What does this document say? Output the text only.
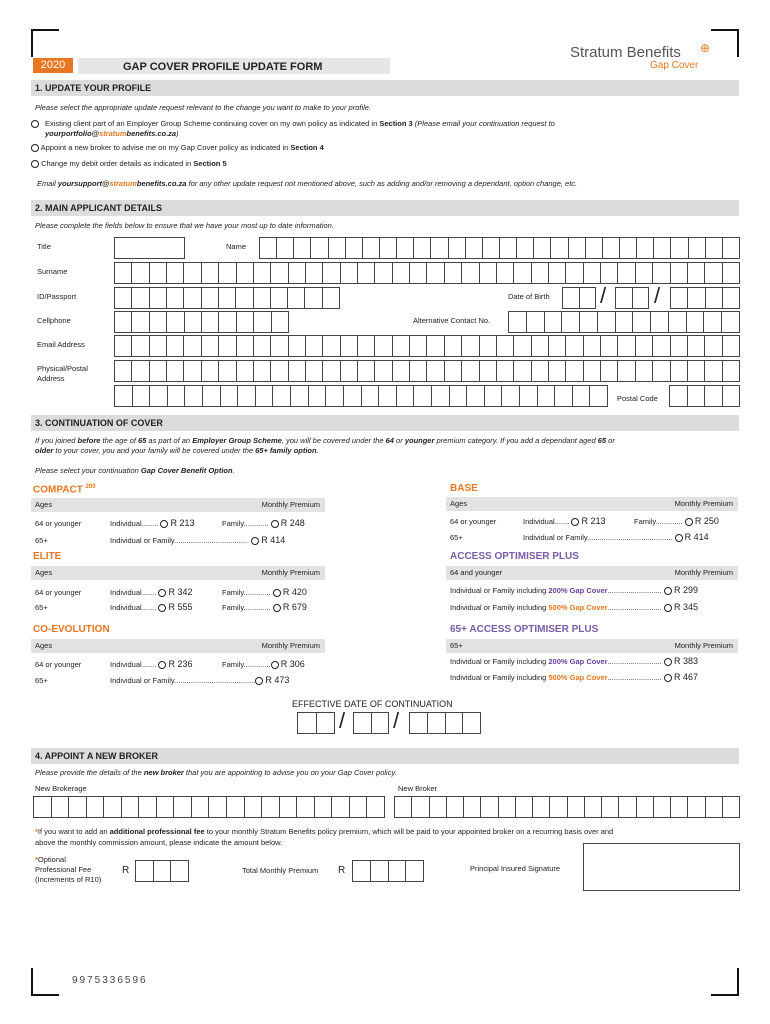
2020	GAP COVER PROFILE UPDATE FORM
Stratum Benefits	⊕
Gap Cover
1. UPDATE YOUR PROFILE
Please select the appropriate update request relevant to the change you want to make to your profile.
Existing client part of an Employer Group Scheme continuing cover on my own policy as indicated in Section 3 (Please email your continuation request to
yourportfolio@stratumbenefits.co.za)
Appoint a new broker to advise me on my Gap Cover policy as indicated in Section 4
Change my debit order details as indicated in Section 5
Email yoursupport@stratumbenefits.co.za for any other update request not mentioned above, such as adding and/or removing a dependant, option change, etc.
2. MAIN APPLICANT DETAILS
Please complete the fields below to ensure that we have your most up to date information.
Title	Name
Surname
ID/Passport	Date of Birth / /
Cellphone	Alternative Contact No.
Email Address
Physical/Postal
Address
Postal Code
3. CONTINUATION OF COVER
If you joined before the age of 65 as part of an Employer Group Scheme, you will be covered under the 64 or younger premium category. If you add a dependant aged 65 or
older to your cover, you and your family will be covered under the 65+ family option.
Please select your continuation Gap Cover Benefit Option.
COMPACT $^{200}$
Ages	Monthly Premium
64 or younger	Individual........ R 213	Family............ R 248
65+	Individual or Family.................................... R 414
ELITE
Ages	Monthly Premium
64 or younger	Individual....... R 342	Family............. R 420
65+	Individual....... R 555	Family............. R 679
CO-EVOLUTION
Ages	Monthly Premium
64 or younger	Individual....... R 236	Family............. R 306
65+	Individual or Family....................................... R 473
BASE
Ages	Monthly Premium
64 or younger	Individual....... R 213	Family............. R 250
65+	Individual or Family......................................... R 414
ACCESS OPTIMISER PLUS
64 and younger	Monthly Premium
Individual or Family including 200% Gap Cover.......................... R 299
Individual or Family including 500% Gap Cover.......................... R 345
65+ ACCESS OPTIMISER PLUS
65+	Monthly Premium
Individual or Family including 200% Gap Cover.......................... R 383
Individual or Family including 500% Gap Cover.......................... R 467
EFFECTIVE DATE OF CONTINUATION
/ /
4. APPOINT A NEW BROKER
Please provide the details of the new broker that you are appointing to advise you on your Gap Cover policy.
New Brokerage	New Broker
*If you want to add an additional professional fee to your monthly Stratum Benefits policy premium, which will be paid to your appointed broker on a recurring basis over and
above the monthly commission amount, please indicate the amount below.
*Optional
Professional Fee
(Increments of R10)
R	Total Monthly Premium R	Principal Insured Signature
9975336596
